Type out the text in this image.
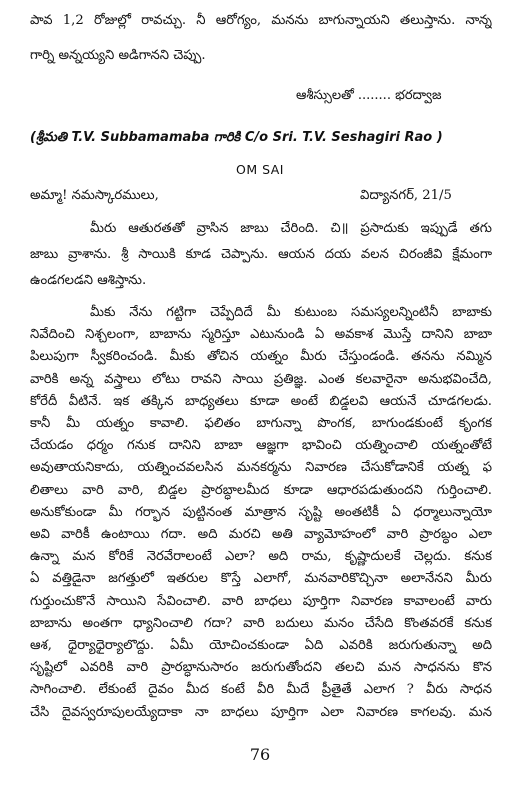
పావ 1,2 రోజుల్లో రావచ్చు. నీ ఆరోగ్యం, మనను బాగున్నాయని తలుస్తాను. నాన్న
గార్ని అన్నయ్యని అడిగానని చెప్పు.
ఆశీస్సులతో ........ భరద్వాజ
(శ్రీమతి T.V. Subbamamaba గారికి C/o Sri. T.V. Seshagiri Rao )
OM SAI
అమ్మా! నమస్కారములు,	విద్యానగర్, 21/5
మీరు ఆతురతతో వ్రాసిన జాబు చేరింది. చి॥ ప్రసాదుకు ఇప్పుడే తగు
జాబు వ్రాశాను. శ్రీ సాయికి కూడ చెప్పాను. ఆయన దయ వలన చిరంజీవి క్షేమంగా
ఉండగలడని ఆశిస్తాను.
మీకు నేను గట్టిగా చెప్పేదిదే మీ కుటుంబ సమస్యలన్నింటినీ బాబాకు
నివేదించి నిశ్చలంగా, బాబాను స్మరిస్తూ ఎటునుండి ఏ అవకాశ మొస్తే దానిని బాబా
పిలుపుగా స్వీకరించండి. మీకు తోచిన యత్నం మీరు చేస్తుండండి. తనను నమ్మిన
వారికి అన్న వస్త్రాలు లోటు రావని సాయి ప్రతిజ్ఞ. ఎంత కలవారైనా అనుభవించేది,
కోరేదీ వీటినే. ఇక తక్కిన బాధ్యతలు కూడా అంటే బిడ్డలవి ఆయనే చూడగలడు.
కానీ మీ యత్నం కావాలి. ఫలితం బాగున్నా పొంగక, బాగుండకుంటే కృంగక
చేయడం ధర్మం గనుక దానిని బాబా ఆజ్ఞగా భావించి యత్నించాలి యత్నంతోటే
అవుతాయనికాదు, యత్నించవలసిన మనకర్మను నివారణ చేసుకోడానికే యత్న ఫ
లితాలు వారి వారి, బిడ్డల ప్రారబ్ధాలమీద కూడా ఆధారపడుతుందని గుర్తించాలి.
అనుకోకుండా మీ గర్భాన పుట్టినంత మాత్రాన సృష్టి అంతటికీ ఏ ధర్మాలున్నాయో
అవి వారికీ ఉంటాయి గదా. అది మరచి అతి వ్యామోహంలో వారి ప్రారబ్ధం ఎలా
ఉన్నా మన కోరికే నెరవేరాలంటే ఎలా? అది రామ, కృష్ణాదులకే చెల్లదు. కనుక
ఏ వత్తిడైనా జగత్తులో ఇతరుల కొస్తే ఎలాగో, మనవారికొచ్చినా అలానేనని మీరు
గుర్తుంచుకొనే సాయిని సేవించాలి. వారి బాధలు పూర్తిగా నివారణ కావాలంటే వారు
బాబాను అంతగా ధ్యానించాలి గదా? వారి బదులు మనం చేసేది కొంతవరకే కనుక
ఆశ, ధైర్యాధైర్యాలొద్దు. ఏమీ యోచించకుండా ఏది ఎవరికి జరుగుతున్నా అది
సృష్టిలో ఎవరికి వారి ప్రారబ్ధానుసారం జరుగుతోందని తలచి మన సాధనను కొన
సాగించాలి. లేకుంటే దైవం మీద కంటే వీరి మీదే ప్రీతైతే ఎలాగ ? వీరు సాధన
చేసి దైవస్వరూపులయ్యేదాకా నా బాధలు పూర్తిగా ఎలా నివారణ కాగలవు. మన
76
